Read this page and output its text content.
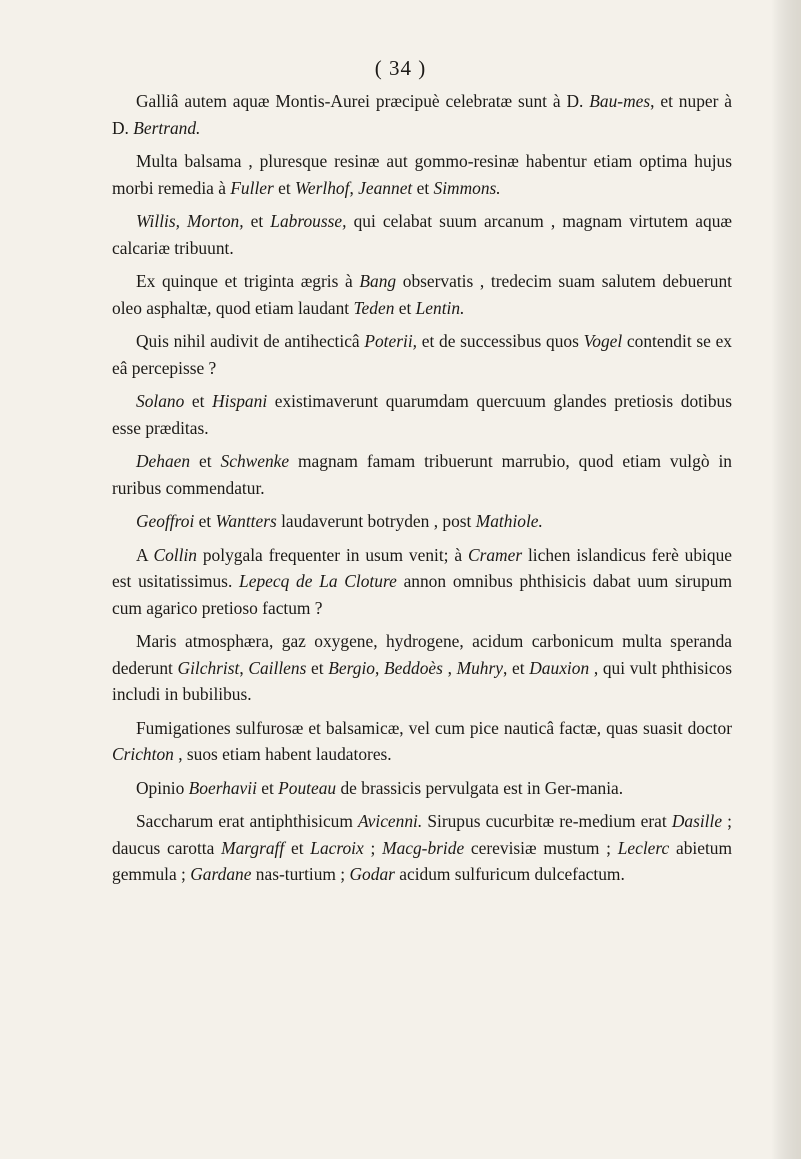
( 34 )

Galliâ autem aquæ Montis-Aurei præcipuè celebratæ sunt à D. Bau-mes, et nuper à D. Bertrand.

Multa balsama , pluresque resinæ aut gommo-resinæ habentur etiam optima hujus morbi remedia à Fuller et Werlhof, Jeannet et Simmons.

Willis, Morton, et Labrousse, qui celabat suum arcanum , magnam virtutem aquæ calcariæ tribuunt.

Ex quinque et triginta ægris à Bang observatis , tredecim suam salutem debuerunt oleo asphaltæ, quod etiam laudant Teden et Lentin.

Quis nihil audivit de antihecticâ Poterii, et de successibus quos Vogel contendit se ex eâ percepisse ?

Solano et Hispani existimaverunt quarumdam quercuum glandes pretiosis dotibus esse præditas.

Dehaen et Schwenke magnam famam tribuerunt marrubio, quod etiam vulgò in ruribus commendatur.

Geoffroi et Wantters laudaverunt botryden , post Mathiole.

A Collin polygala frequenter in usum venit; à Cramer lichen islandicus ferè ubique est usitatissimus. Lepecq de La Cloture annon omnibus phthisicis dabat uum sirupum cum agarico pretioso factum ?

Maris atmosphæra, gaz oxygene, hydrogene, acidum carbonicum multa speranda dederunt Gilchrist, Caillens et Bergio, Beddoès , Muhry, et Dauxion , qui vult phthisicos includi in bubilibus.

Fumigationes sulfurosæ et balsamicæ, vel cum pice nauticâ factæ, quas suasit doctor Crichton , suos etiam habent laudatores.

Opinio Boerhavii et Pouteau de brassicis pervulgata est in Ger-mania.

Saccharum erat antiphthisicum Avicenni. Sirupus cucurbitæ re-medium erat Dasille ; daucus carotta Margraff et Lacroix ; Macg-bride cerevisiæ mustum ; Leclerc abietum gemmula ; Gardane nas-turtium ; Godar acidum sulfuricum dulcefactum.
